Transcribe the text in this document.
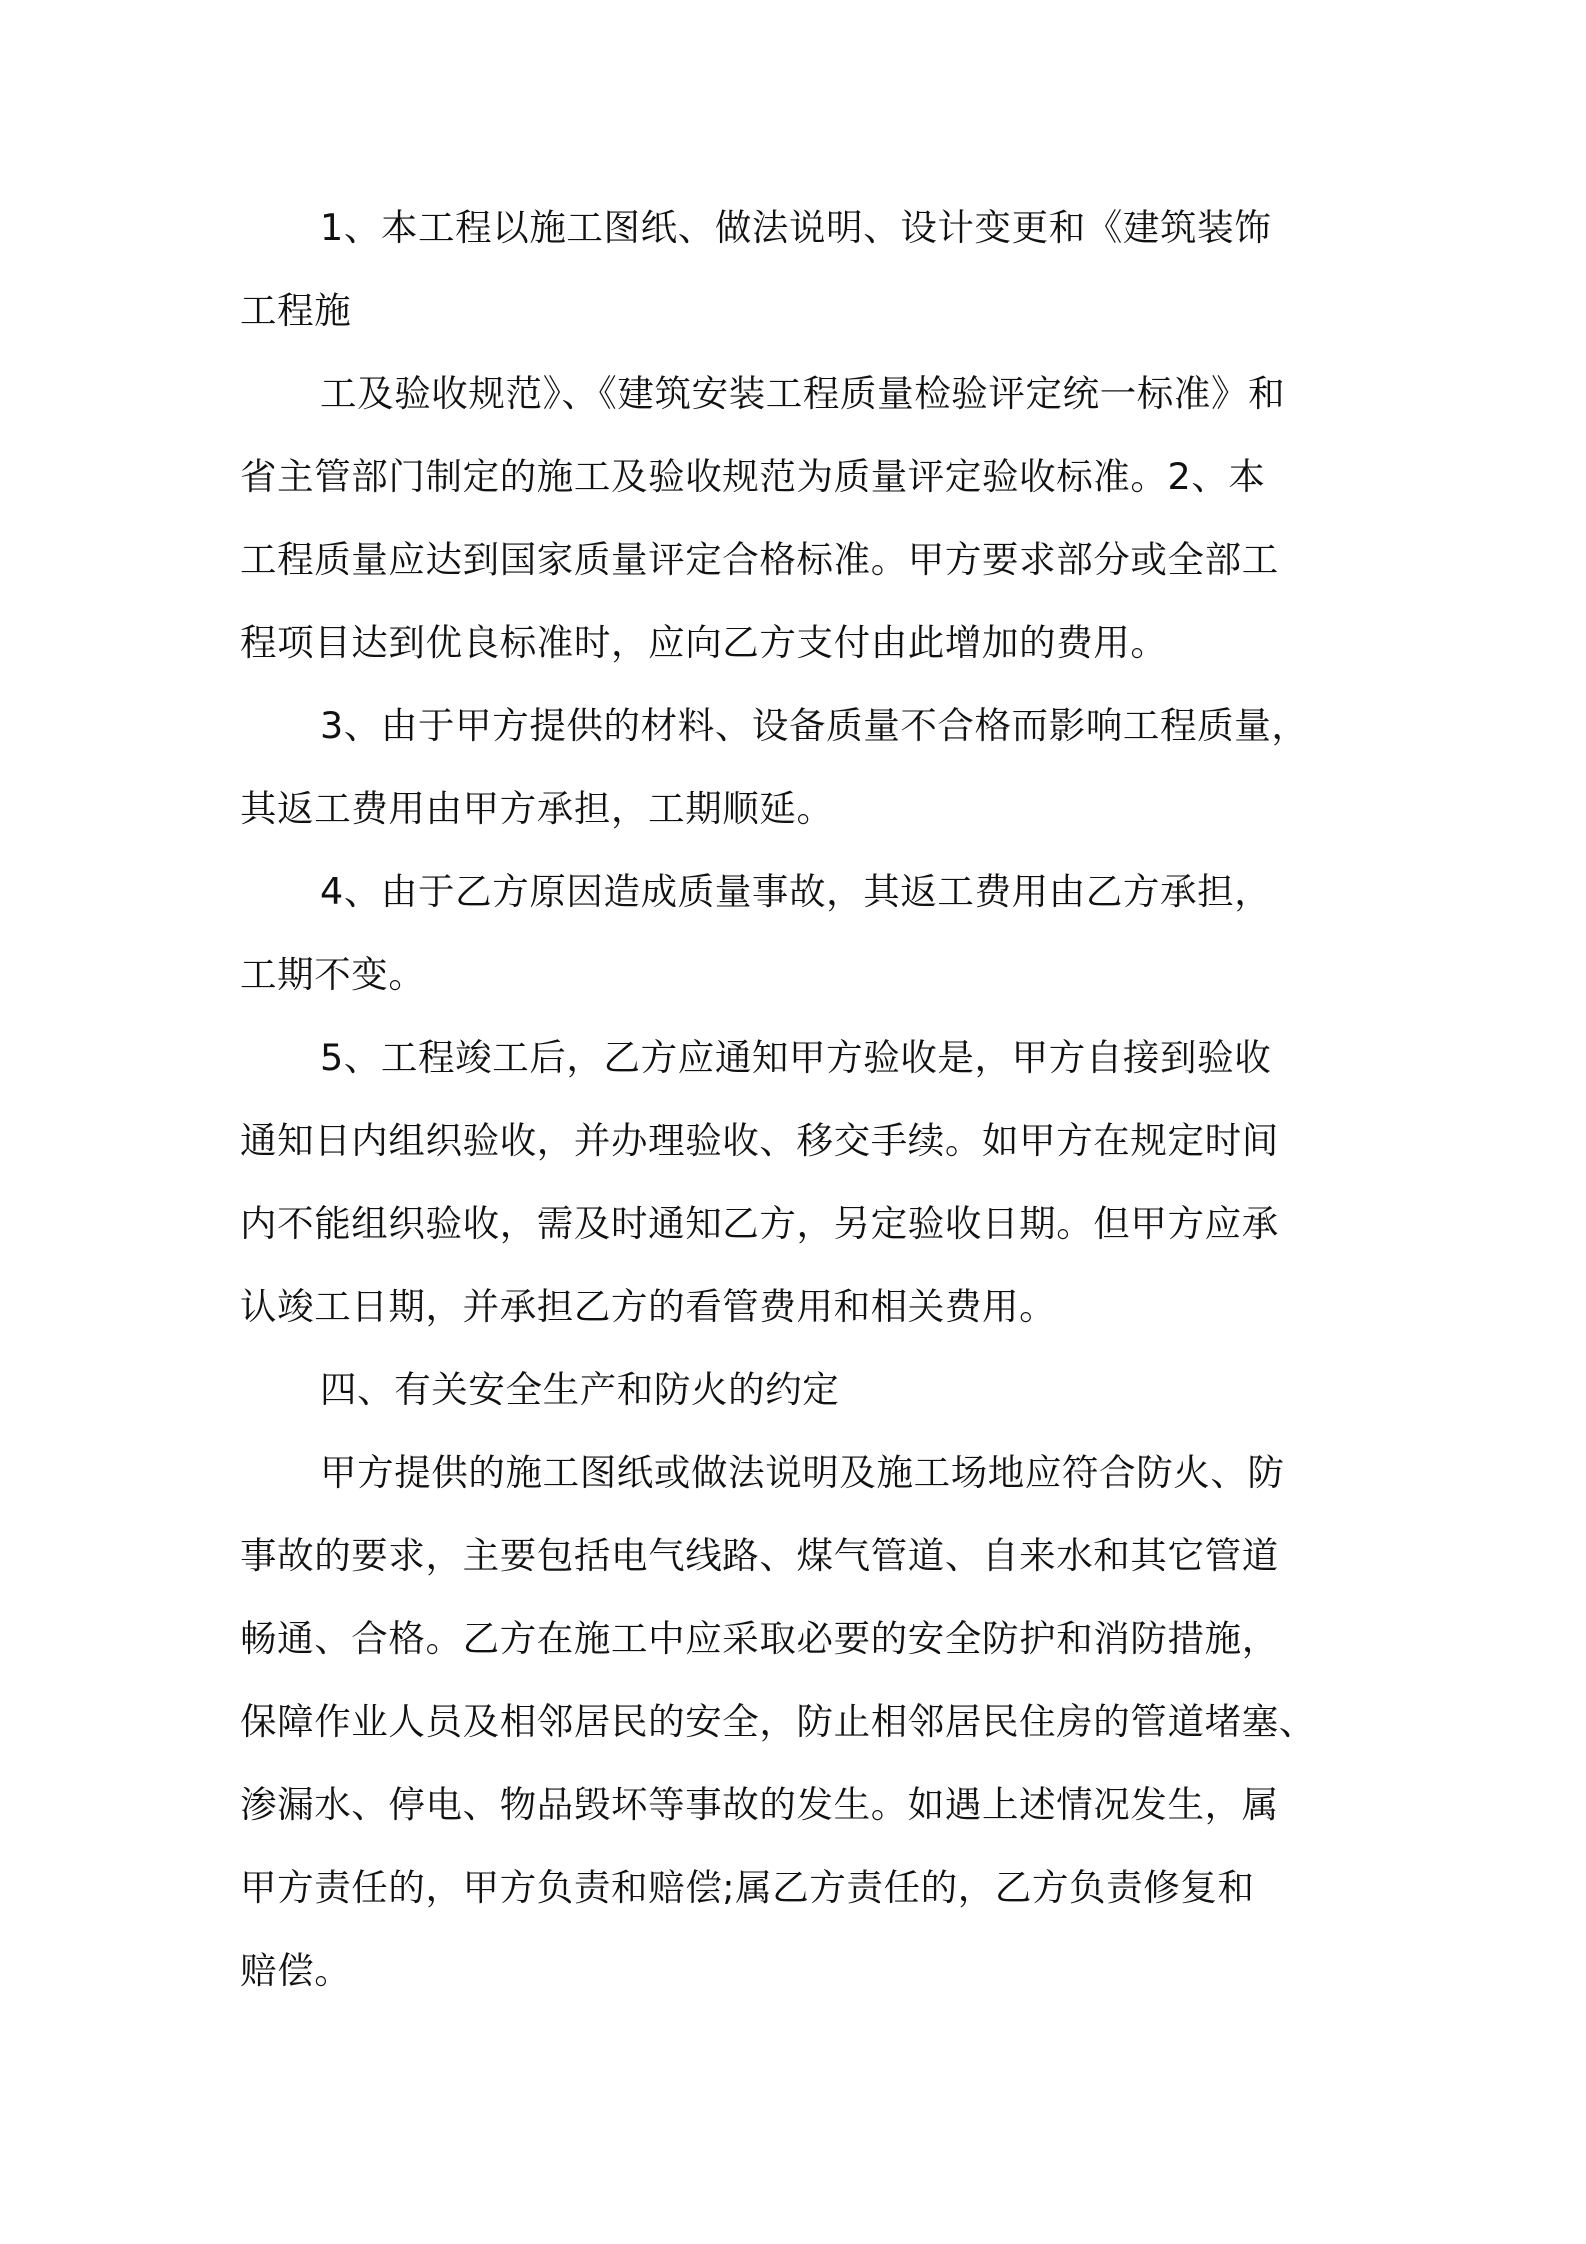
1、本工程以施工图纸、做法说明、设计变更和《建筑装饰

工程施

工及验收规范》、《建筑安装工程质量检验评定统一标准》和

省主管部门制定的施工及验收规范为质量评定验收标准。2、本

工程质量应达到国家质量评定合格标准。甲方要求部分或全部工

程项目达到优良标准时，应向乙方支付由此增加的费用。

3、由于甲方提供的材料、设备质量不合格而影响工程质量，

其返工费用由甲方承担，工期顺延。

4、由于乙方原因造成质量事故，其返工费用由乙方承担，

工期不变。

5、工程竣工后，乙方应通知甲方验收是，甲方自接到验收

通知日内组织验收，并办理验收、移交手续。如甲方在规定时间

内不能组织验收，需及时通知乙方，另定验收日期。但甲方应承

认竣工日期，并承担乙方的看管费用和相关费用。

四、有关安全生产和防火的约定

甲方提供的施工图纸或做法说明及施工场地应符合防火、防

事故的要求，主要包括电气线路、煤气管道、自来水和其它管道

畅通、合格。乙方在施工中应采取必要的安全防护和消防措施，

保障作业人员及相邻居民的安全，防止相邻居民住房的管道堵塞、

渗漏水、停电、物品毁坏等事故的发生。如遇上述情况发生，属

甲方责任的，甲方负责和赔偿;属乙方责任的，乙方负责修复和

赔偿。
